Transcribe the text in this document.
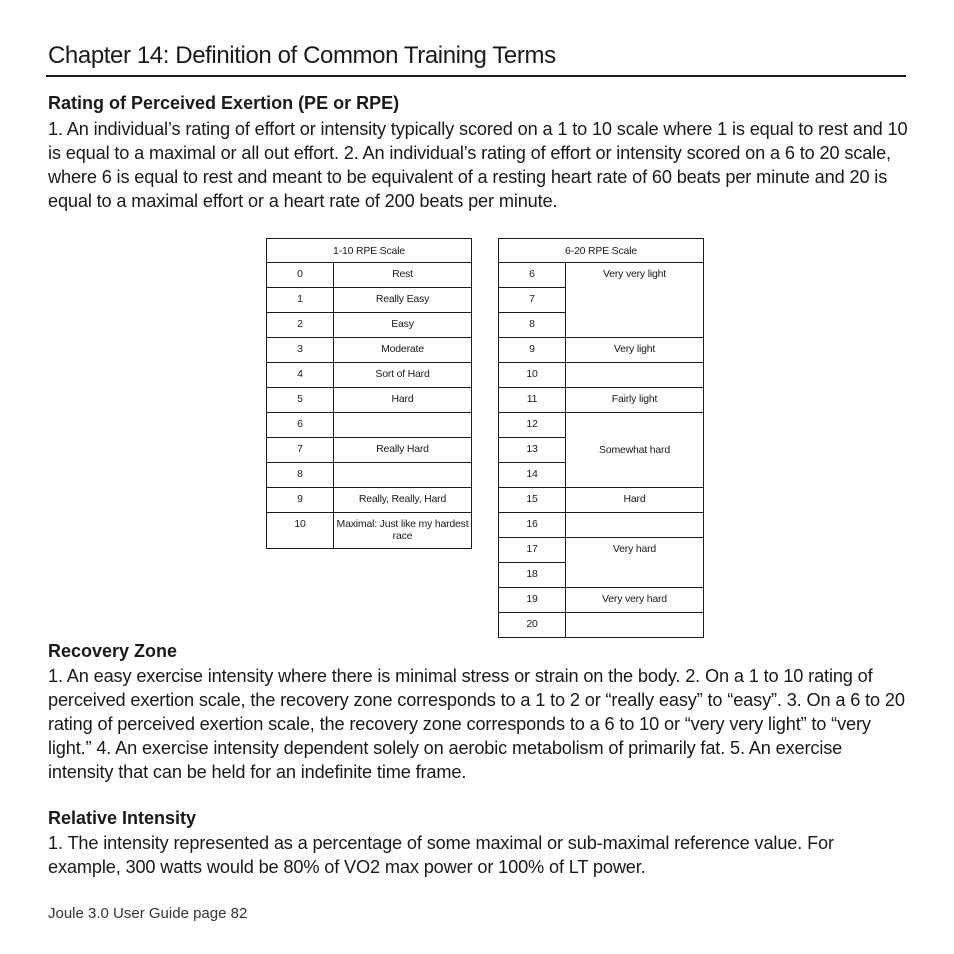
Chapter 14: Definition of Common Training Terms
Rating of Perceived Exertion (PE or RPE)
1. An individual’s rating of effort or intensity typically scored on a 1 to 10 scale where 1 is equal to rest and 10 is equal to a maximal or all out effort. 2. An individual’s rating of effort or intensity scored on a 6 to 20 scale, where 6 is equal to rest and meant to be equivalent of a resting heart rate of 60 beats per minute and 20 is equal to a maximal effort or a heart rate of 200 beats per minute.
1-10 RPE Scale	
0	Rest
1	Really Easy
2	Easy
3	Moderate
4	Sort of Hard
5	Hard
6	
7	Really Hard
8	
9	Really, Really, Hard
10	Maximal: Just like my hardest race
6-20 RPE Scale	
6	Very very light
7	
8	
9	Very light
10	
11	Fairly light
12	Somewhat hard
13	
14	
15	Hard
16	
17	Very hard
18	
19	Very very hard
20	
Recovery Zone
1. An easy exercise intensity where there is minimal stress or strain on the body. 2. On a 1 to 10 rating of perceived exertion scale, the recovery zone corresponds to a 1 to 2 or “really easy” to “easy”. 3. On a 6 to 20 rating of perceived exertion scale, the recovery zone corresponds to a 6 to 10 or “very very light” to “very light.” 4. An exercise intensity dependent solely on aerobic metabolism of primarily fat. 5. An exercise intensity that can be held for an indefinite time frame.
Relative Intensity
1. The intensity represented as a percentage of some maximal or sub-maximal reference value. For example, 300 watts would be 80% of VO2 max power or 100% of LT power.
Joule 3.0 User Guide page 82
